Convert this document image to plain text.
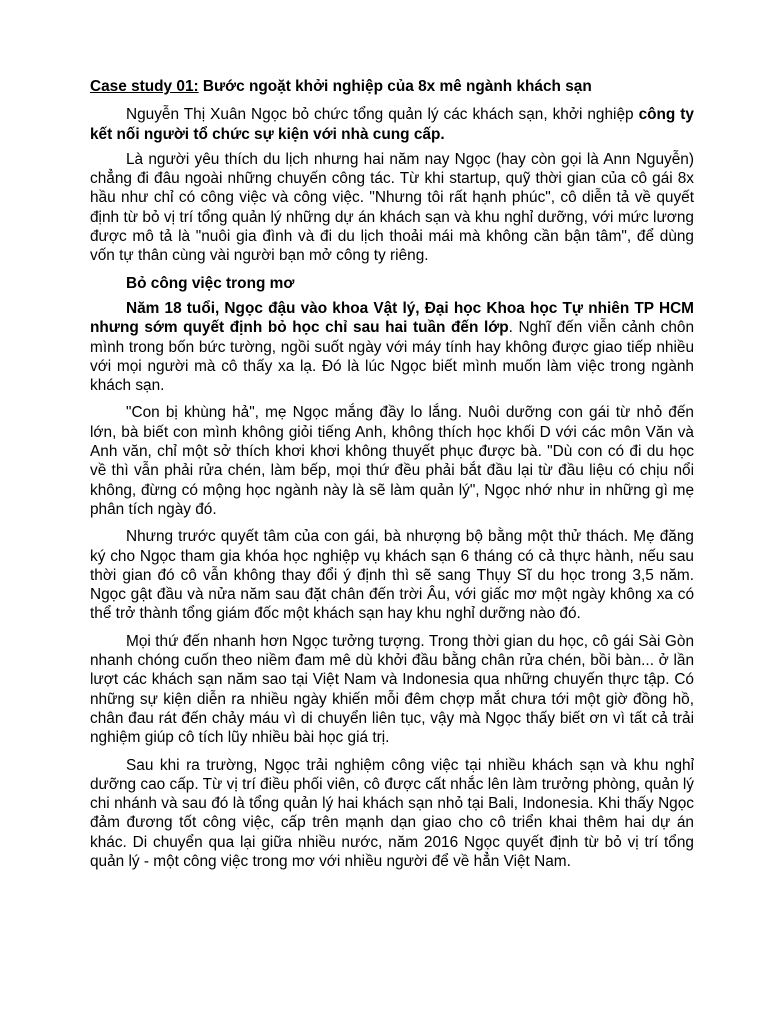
Case study 01: Bước ngoặt khởi nghiệp của 8x mê ngành khách sạn

Nguyễn Thị Xuân Ngọc bỏ chức tổng quản lý các khách sạn, khởi nghiệp công ty kết nối người tổ chức sự kiện với nhà cung cấp.

Là người yêu thích du lịch nhưng hai năm nay Ngọc (hay còn gọi là Ann Nguyễn) chẳng đi đâu ngoài những chuyến công tác. Từ khi startup, quỹ thời gian của cô gái 8x hầu như chỉ có công việc và công việc. "Nhưng tôi rất hạnh phúc", cô diễn tả về quyết định từ bỏ vị trí tổng quản lý những dự án khách sạn và khu nghỉ dưỡng, với mức lương được mô tả là "nuôi gia đình và đi du lịch thoải mái mà không cần bận tâm", để dùng vốn tự thân cùng vài người bạn mở công ty riêng.

Bỏ công việc trong mơ

Năm 18 tuổi, Ngọc đậu vào khoa Vật lý, Đại học Khoa học Tự nhiên TP HCM nhưng sớm quyết định bỏ học chỉ sau hai tuần đến lớp. Nghĩ đến viễn cảnh chôn mình trong bốn bức tường, ngồi suốt ngày với máy tính hay không được giao tiếp nhiều với mọi người mà cô thấy xa lạ. Đó là lúc Ngọc biết mình muốn làm việc trong ngành khách sạn.

"Con bị khùng hả", mẹ Ngọc mắng đầy lo lắng. Nuôi dưỡng con gái từ nhỏ đến lớn, bà biết con mình không giỏi tiếng Anh, không thích học khối D với các môn Văn và Anh văn, chỉ một sở thích khơi khơi không thuyết phục được bà. "Dù con có đi du học về thì vẫn phải rửa chén, làm bếp, mọi thứ đều phải bắt đầu lại từ đầu liệu có chịu nổi không, đừng có mộng học ngành này là sẽ làm quản lý", Ngọc nhớ như in những gì mẹ phân tích ngày đó.

Nhưng trước quyết tâm của con gái, bà nhượng bộ bằng một thử thách. Mẹ đăng ký cho Ngọc tham gia khóa học nghiệp vụ khách sạn 6 tháng có cả thực hành, nếu sau thời gian đó cô vẫn không thay đổi ý định thì sẽ sang Thụy Sĩ du học trong 3,5 năm. Ngọc gật đầu và nửa năm sau đặt chân đến trời Âu, với giấc mơ một ngày không xa có thể trở thành tổng giám đốc một khách sạn hay khu nghỉ dưỡng nào đó.

Mọi thứ đến nhanh hơn Ngọc tưởng tượng. Trong thời gian du học, cô gái Sài Gòn nhanh chóng cuốn theo niềm đam mê dù khởi đầu bằng chân rửa chén, bồi bàn... ở lần lượt các khách sạn năm sao tại Việt Nam và Indonesia qua những chuyến thực tập. Có những sự kiện diễn ra nhiều ngày khiến mỗi đêm chợp mắt chưa tới một giờ đồng hồ, chân đau rát đến chảy máu vì di chuyển liên tục, vậy mà Ngọc thấy biết ơn vì tất cả trải nghiệm giúp cô tích lũy nhiều bài học giá trị.

Sau khi ra trường, Ngọc trải nghiệm công việc tại nhiều khách sạn và khu nghỉ dưỡng cao cấp. Từ vị trí điều phối viên, cô được cất nhắc lên làm trưởng phòng, quản lý chi nhánh và sau đó là tổng quản lý hai khách sạn nhỏ tại Bali, Indonesia. Khi thấy Ngọc đảm đương tốt công việc, cấp trên mạnh dạn giao cho cô triển khai thêm hai dự án khác. Di chuyển qua lại giữa nhiều nước, năm 2016 Ngọc quyết định từ bỏ vị trí tổng quản lý - một công việc trong mơ với nhiều người để về hẳn Việt Nam.
